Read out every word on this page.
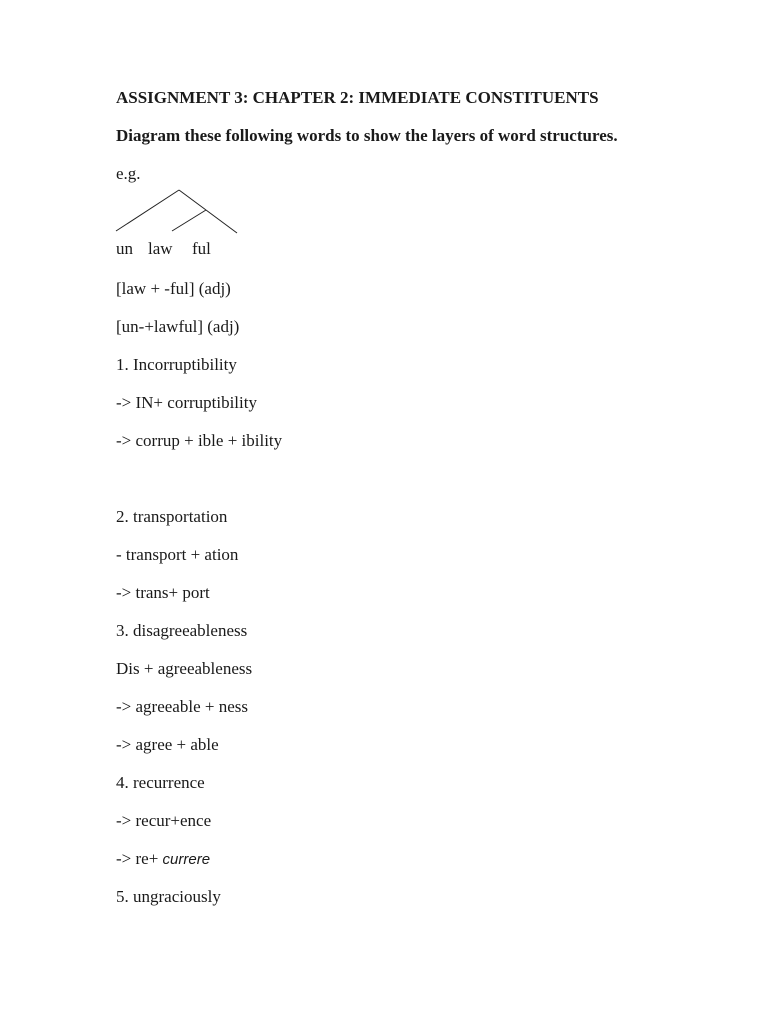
ASSIGNMENT 3: CHAPTER 2: IMMEDIATE CONSTITUENTS
Diagram these following words to show the layers of word structures.
e.g.
un law ful
[law + -ful] (adj)
[un-+lawful] (adj)
1. Incorruptibility
-> IN+ corruptibility
-> corrup + ible + ibility
2. transportation
- transport + ation
-> trans+ port
3. disagreeableness
Dis + agreeableness
-> agreeable + ness
-> agree + able
4. recurrence
-> recur+ence
-> re+ currere
5. ungraciously
